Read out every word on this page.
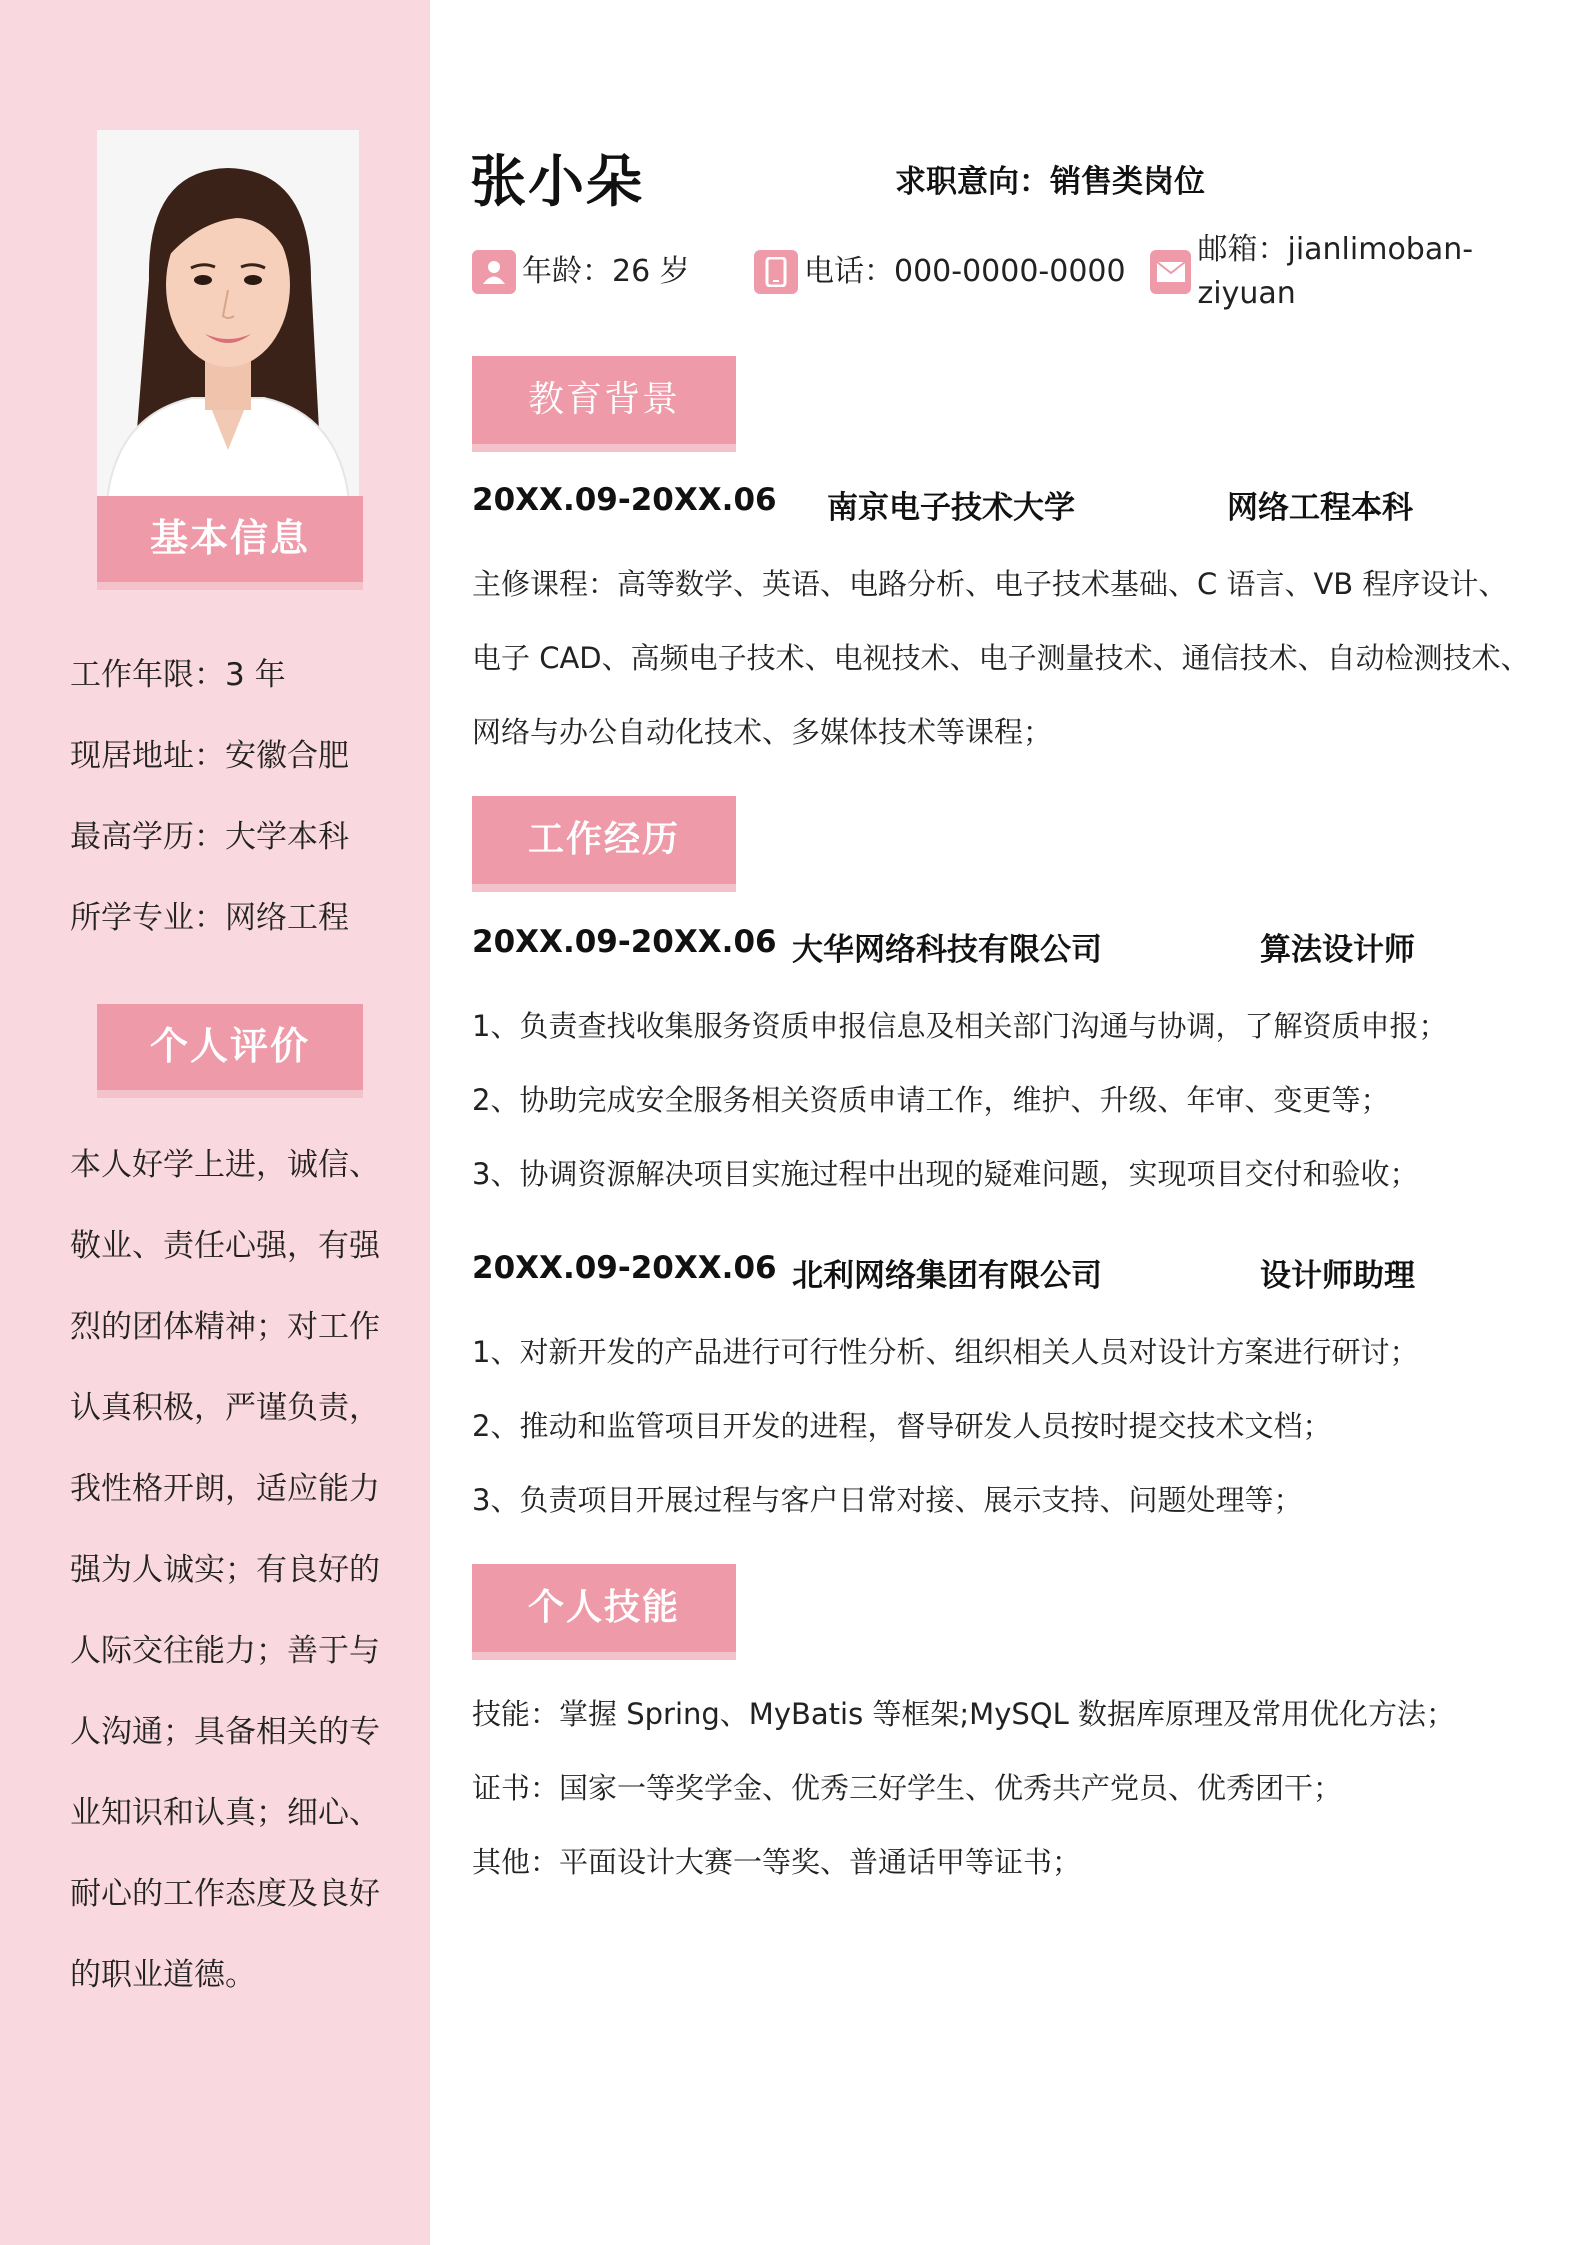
基本信息
工作年限：3 年
现居地址：安徽合肥
最高学历：大学本科
所学专业：网络工程
个人评价
本人好学上进，诚信、
敬业、责任心强，有强
烈的团体精神；对工作
认真积极，严谨负责，
我性格开朗，适应能力
强为人诚实；有良好的
人际交往能力；善于与
人沟通；具备相关的专
业知识和认真；细心、
耐心的工作态度及良好
的职业道德。
张小朵	求职意向：销售类岗位
年龄：26 岁	电话：000-0000-0000
邮箱：jianlimoban-ziyuan
教育背景
20XX.09-20XX.06 南京电子技术大学	网络工程本科
主修课程：高等数学、英语、电路分析、电子技术基础、C 语言、VB 程序设计、
电子 CAD、高频电子技术、电视技术、电子测量技术、通信技术、自动检测技术、
网络与办公自动化技术、多媒体技术等课程；
工作经历
20XX.09-20XX.06 大华网络科技有限公司	算法设计师
1、负责查找收集服务资质申报信息及相关部门沟通与协调，了解资质申报；
2、协助完成安全服务相关资质申请工作，维护、升级、年审、变更等；
3、协调资源解决项目实施过程中出现的疑难问题，实现项目交付和验收；
20XX.09-20XX.06 北利网络集团有限公司	设计师助理
1、对新开发的产品进行可行性分析、组织相关人员对设计方案进行研讨；
2、推动和监管项目开发的进程，督导研发人员按时提交技术文档；
3、负责项目开展过程与客户日常对接、展示支持、问题处理等；
个人技能
技能：掌握 Spring、MyBatis 等框架;MySQL 数据库原理及常用优化方法；
证书：国家一等奖学金、优秀三好学生、优秀共产党员、优秀团干；
其他：平面设计大赛一等奖、普通话甲等证书；
